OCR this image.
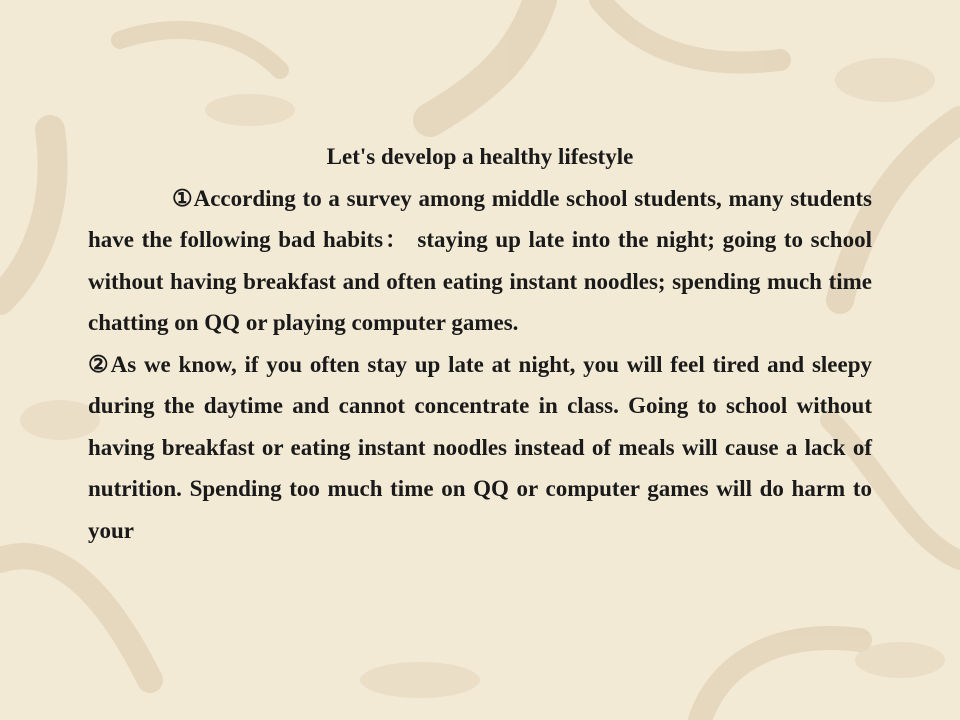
Let's develop a healthy lifestyle

①According to a survey among middle school students, many students have the following bad habits： staying up late into the night; going to school without having breakfast and often eating instant noodles; spending much time chatting on QQ or playing computer games.

②As we know, if you often stay up late at night, you will feel tired and sleepy during the daytime and cannot concentrate in class. Going to school without having breakfast or eating instant noodles instead of meals will cause a lack of nutrition. Spending too much time on QQ or computer games will do harm to your
